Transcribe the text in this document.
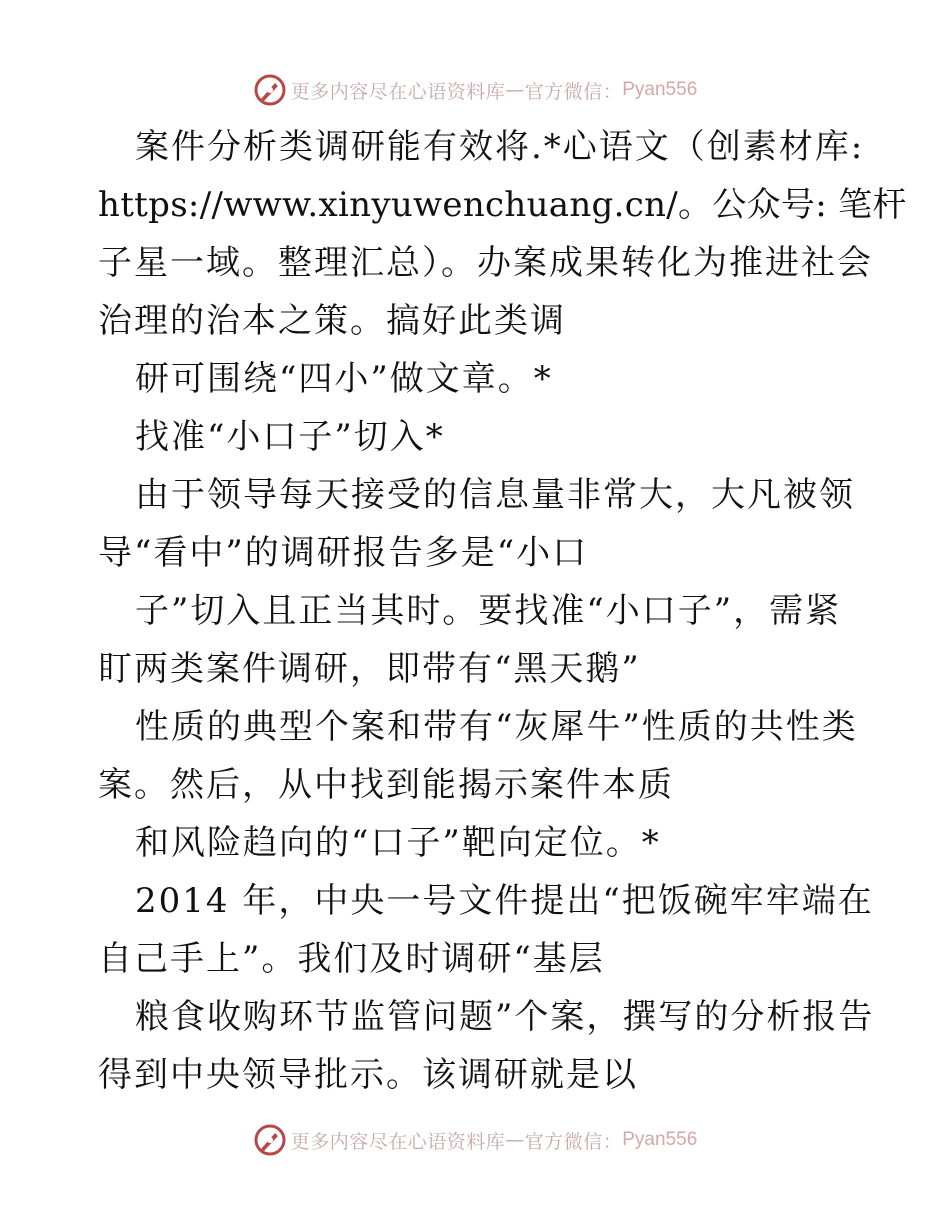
更多内容尽在心语资料库 — 官方微信： Pyan556
案件分析类调研能有效将.*心语文（创素材库:
https://www.xinyuwenchuang.cn/。公众号: 笔杆
子星一域。整理汇总）。办案成果转化为推进社会
治理的治本之策。搞好此类调
研可围绕“四小”做文章。*
找准“小口子”切入*
由于领导每天接受的信息量非常大，大凡被领
导“看中”的调研报告多是“小口
子”切入且正当其时。要找准“小口子”，需紧
盯两类案件调研，即带有“黑天鹅”
性质的典型个案和带有“灰犀牛”性质的共性类
案。然后，从中找到能揭示案件本质
和风险趋向的“口子”靶向定位。*
2014 年，中央一号文件提出“把饭碗牢牢端在
自己手上”。我们及时调研“基层
粮食收购环节监管问题”个案，撰写的分析报告
得到中央领导批示。该调研就是以
更多内容尽在心语资料库 — 官方微信： Pyan556
